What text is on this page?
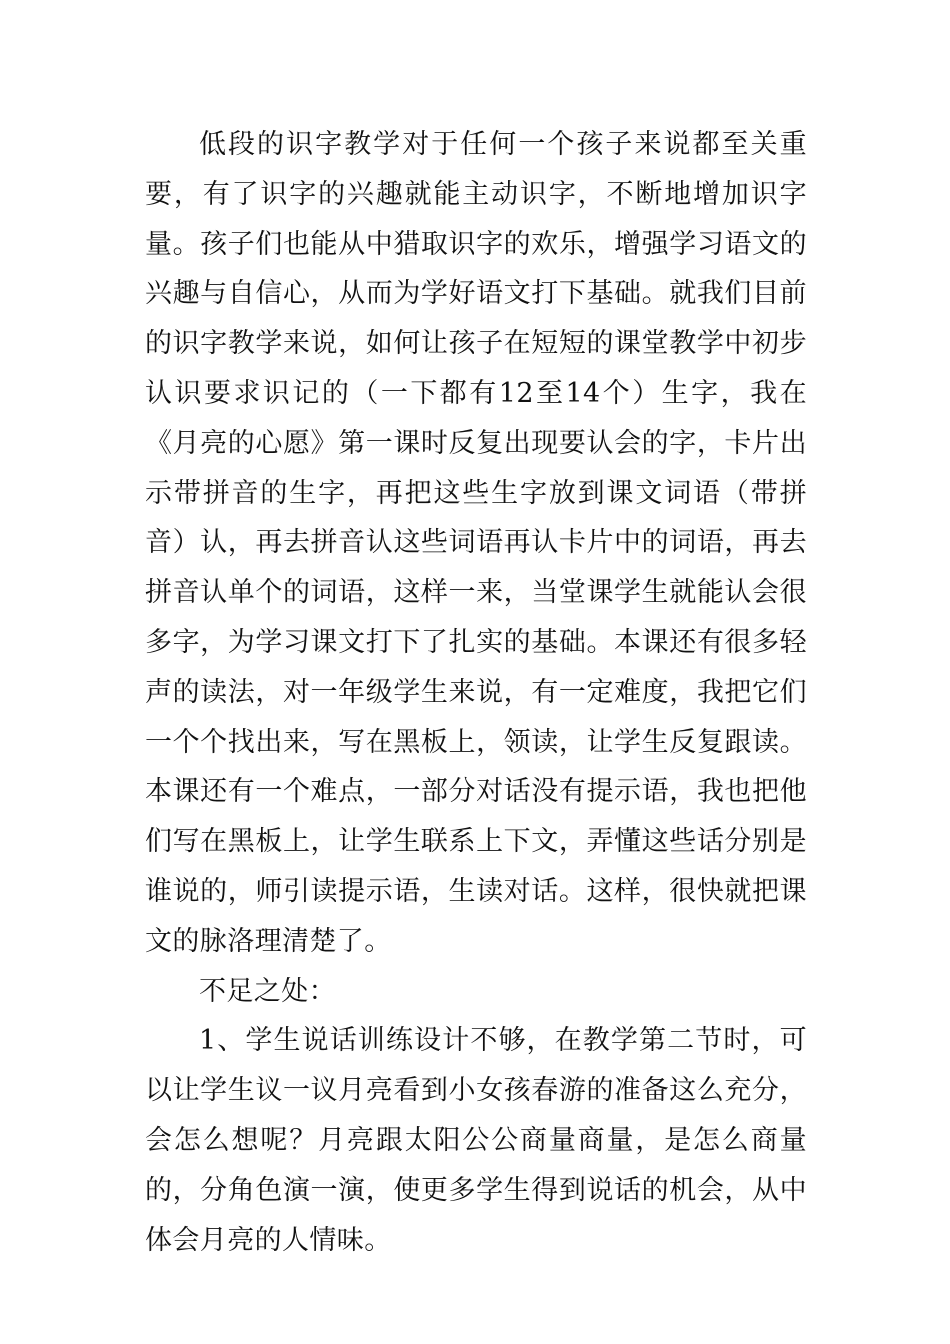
低段的识字教学对于任何一个孩子来说都至关重要，有了识字的兴趣就能主动识字，不断地增加识字量。孩子们也能从中猎取识字的欢乐，增强学习语文的兴趣与自信心，从而为学好语文打下基础。就我们目前的识字教学来说，如何让孩子在短短的课堂教学中初步认识要求识记的（一下都有12至14个）生字，我在《月亮的心愿》第一课时反复出现要认会的字，卡片出示带拼音的生字，再把这些生字放到课文词语（带拼音）认，再去拼音认这些词语再认卡片中的词语，再去拼音认单个的词语，这样一来，当堂课学生就能认会很多字，为学习课文打下了扎实的基础。本课还有很多轻声的读法，对一年级学生来说，有一定难度，我把它们一个个找出来，写在黑板上，领读，让学生反复跟读。本课还有一个难点，一部分对话没有提示语，我也把他们写在黑板上，让学生联系上下文，弄懂这些话分别是谁说的，师引读提示语，生读对话。这样，很快就把课文的脉洛理清楚了。

不足之处：

1、学生说话训练设计不够，在教学第二节时，可以让学生议一议月亮看到小女孩春游的准备这么充分，会怎么想呢？月亮跟太阳公公商量商量，是怎么商量的，分角色演一演，使更多学生得到说话的机会，从中体会月亮的人情味。
